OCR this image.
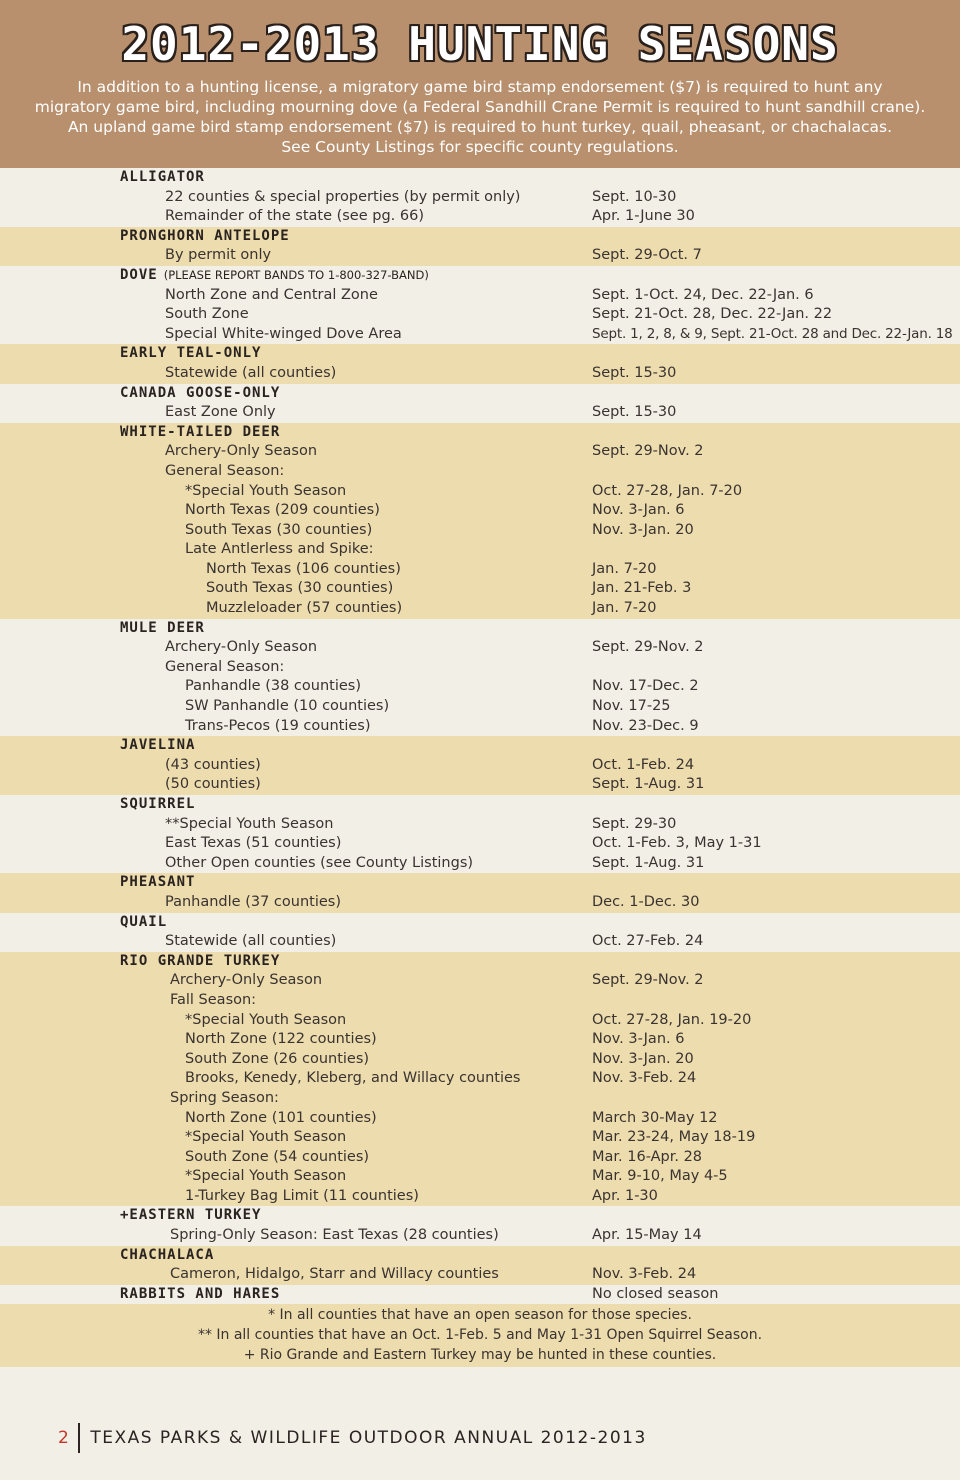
2012-2013 HUNTING SEASONS
In addition to a hunting license, a migratory game bird stamp endorsement ($7) is required to hunt any
migratory game bird, including mourning dove (a Federal Sandhill Crane Permit is required to hunt sandhill crane).
An upland game bird stamp endorsement ($7) is required to hunt turkey, quail, pheasant, or chachalacas.
See County Listings for specific county regulations.
ALLIGATOR
22 counties & special properties (by permit only)	Sept. 10-30
Remainder of the state (see pg. 66)	Apr. 1-June 30
PRONGHORN ANTELOPE
By permit only	Sept. 29-Oct. 7
DOVE (PLEASE REPORT BANDS TO 1-800-327-BAND)
North Zone and Central Zone	Sept. 1-Oct. 24, Dec. 22-Jan. 6
South Zone	Sept. 21-Oct. 28, Dec. 22-Jan. 22
Special White-winged Dove Area	Sept. 1, 2, 8, & 9, Sept. 21-Oct. 28 and Dec. 22-Jan. 18
EARLY TEAL-ONLY
Statewide (all counties)	Sept. 15-30
CANADA GOOSE-ONLY
East Zone Only	Sept. 15-30
WHITE-TAILED DEER
Archery-Only Season	Sept. 29-Nov. 2
General Season:
*Special Youth Season	Oct. 27-28, Jan. 7-20
North Texas (209 counties)	Nov. 3-Jan. 6
South Texas (30 counties)	Nov. 3-Jan. 20
Late Antlerless and Spike:
North Texas (106 counties)	Jan. 7-20
South Texas (30 counties)	Jan. 21-Feb. 3
Muzzleloader (57 counties)	Jan. 7-20
MULE DEER
Archery-Only Season	Sept. 29-Nov. 2
General Season:
Panhandle (38 counties)	Nov. 17-Dec. 2
SW Panhandle (10 counties)	Nov. 17-25
Trans-Pecos (19 counties)	Nov. 23-Dec. 9
JAVELINA
(43 counties)	Oct. 1-Feb. 24
(50 counties)	Sept. 1-Aug. 31
SQUIRREL
**Special Youth Season	Sept. 29-30
East Texas (51 counties)	Oct. 1-Feb. 3, May 1-31
Other Open counties (see County Listings)	Sept. 1-Aug. 31
PHEASANT
Panhandle (37 counties)	Dec. 1-Dec. 30
QUAIL
Statewide (all counties)	Oct. 27-Feb. 24
RIO GRANDE TURKEY
Archery-Only Season	Sept. 29-Nov. 2
Fall Season:
*Special Youth Season	Oct. 27-28, Jan. 19-20
North Zone (122 counties)	Nov. 3-Jan. 6
South Zone (26 counties)	Nov. 3-Jan. 20
Brooks, Kenedy, Kleberg, and Willacy counties	Nov. 3-Feb. 24
Spring Season:
North Zone (101 counties)	March 30-May 12
*Special Youth Season	Mar. 23-24, May 18-19
South Zone (54 counties)	Mar. 16-Apr. 28
*Special Youth Season	Mar. 9-10, May 4-5
1-Turkey Bag Limit (11 counties)	Apr. 1-30
+EASTERN TURKEY
Spring-Only Season: East Texas (28 counties)	Apr. 15-May 14
CHACHALACA
Cameron, Hidalgo, Starr and Willacy counties	Nov. 3-Feb. 24
RABBITS AND HARES	No closed season
* In all counties that have an open season for those species.
** In all counties that have an Oct. 1-Feb. 5 and May 1-31 Open Squirrel Season.
+ Rio Grande and Eastern Turkey may be hunted in these counties.
2 TEXAS PARKS & WILDLIFE OUTDOOR ANNUAL 2012-2013
